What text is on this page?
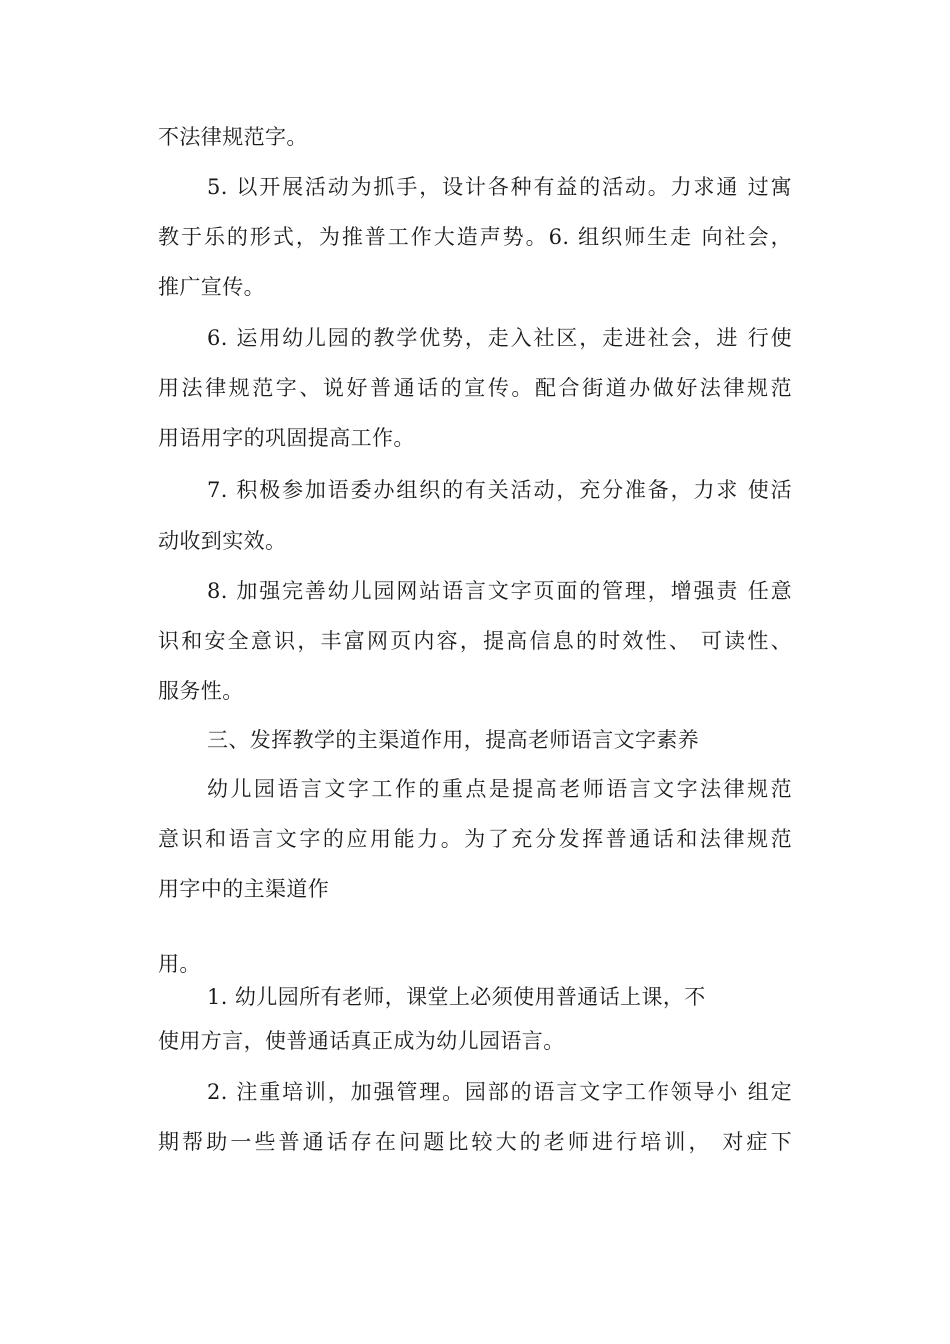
不法律规范字。
5. 以开展活动为抓手，设计各种有益的活动。力求通 过寓
教于乐的形式，为推普工作大造声势。6. 组织师生走 向社会，
推广宣传。
6. 运用幼儿园的教学优势，走入社区，走进社会，进 行使
用法律规范字、说好普通话的宣传。配合街道办做好法律规范
用语用字的巩固提高工作。
7. 积极参加语委办组织的有关活动，充分准备，力求 使活
动收到实效。
8. 加强完善幼儿园网站语言文字页面的管理，增强责 任意
识和安全意识，丰富网页内容，提高信息的时效性、 可读性、
服务性。
三、发挥教学的主渠道作用，提高老师语言文字素养
幼儿园语言文字工作的重点是提高老师语言文字法律规范
意识和语言文字的应用能力。为了充分发挥普通话和法律规范
用字中的主渠道作
用。
1. 幼儿园所有老师，课堂上必须使用普通话上课，不
使用方言，使普通话真正成为幼儿园语言。
2. 注重培训，加强管理。园部的语言文字工作领导小 组定
期帮助一些普通话存在问题比较大的老师进行培训， 对症下
